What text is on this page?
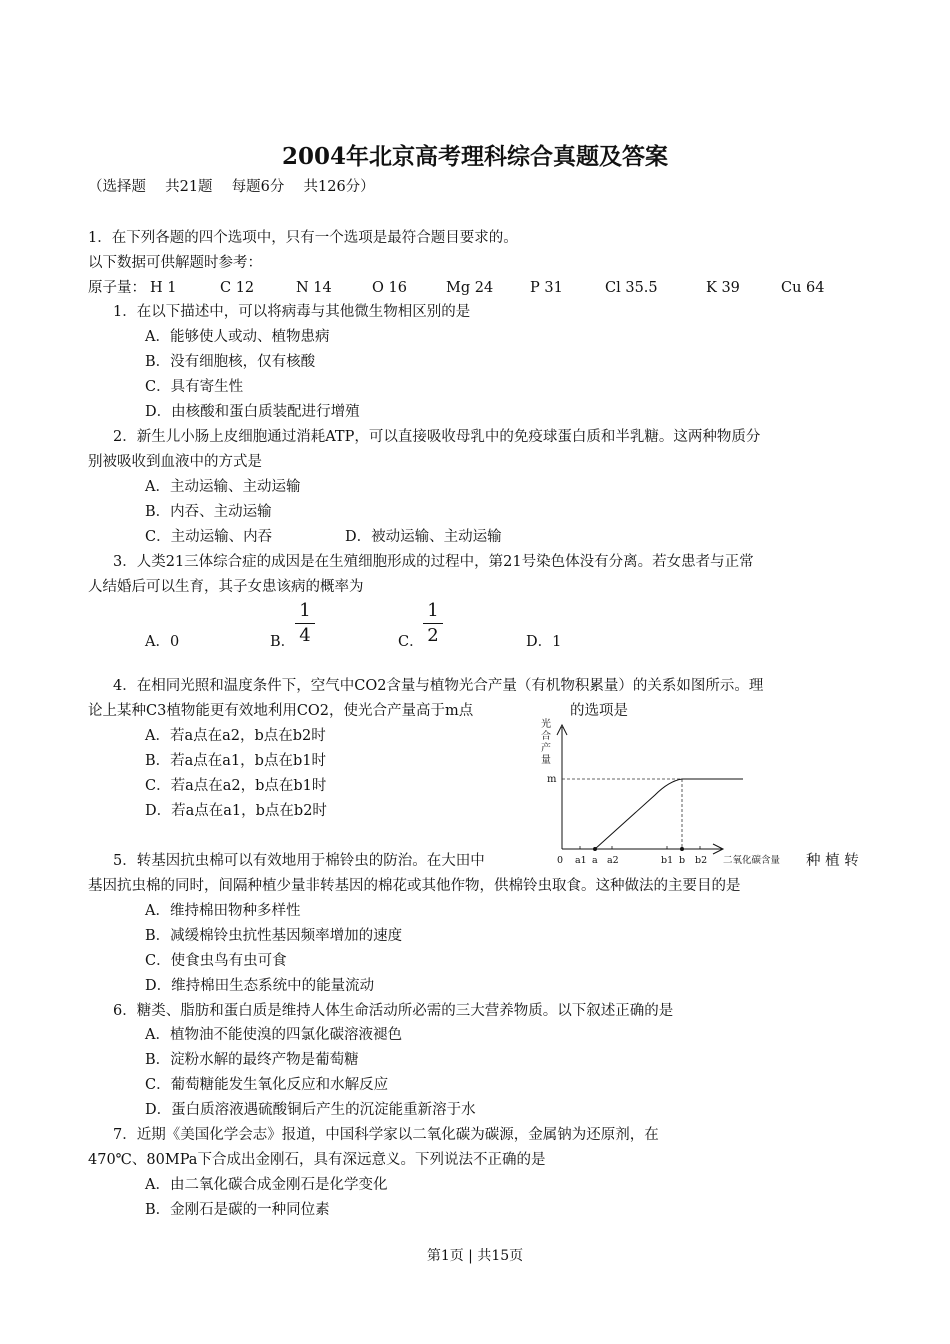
2004年北京高考理科综合真题及答案
（选择题　 共21题　 每题6分　 共126分）
1．在下列各题的四个选项中，只有一个选项是最符合题目要求的。
以下数据可供解题时参考：
原子量： H 1	C 12	N 14	O 16	Mg 24	P 31	Cl 35.5	K 39	Cu 64
1．在以下描述中，可以将病毒与其他微生物相区别的是
A．能够使人或动、植物患病
B．没有细胞核，仅有核酸
C．具有寄生性
D．由核酸和蛋白质装配进行增殖
2．新生儿小肠上皮细胞通过消耗ATP，可以直接吸收母乳中的免疫球蛋白质和半乳糖。这两种物质分
别被吸收到血液中的方式是
A．主动运输、主动运输
B．内吞、主动运输
C．主动运输、内吞	D．被动运输、主动运输
3．人类21三体综合症的成因是在生殖细胞形成的过程中，第21号染色体没有分离。若女患者与正常
人结婚后可以生育，其子女患该病的概率为
A．0	B．
1
4	C．
1
2	D．1
4．在相同光照和温度条件下，空气中CO2含量与植物光合产量（有机物积累量）的关系如图所示。理
论上某种C3植物能更有效地利用CO2，使光合产量高于m点	的选项是
A．若a点在a2，b点在b2时
B．若a点在a1，b点在b1时
C．若a点在a2，b点在b1时
D．若a点在a1，b点在b2时
光
合
产
量
m
0 a1 a a2	b1 b b2 二氧化碳含量
5．转基因抗虫棉可以有效地用于棉铃虫的防治。在大田中	种 植 转
基因抗虫棉的同时，间隔种植少量非转基因的棉花或其他作物，供棉铃虫取食。这种做法的主要目的是
A．维持棉田物种多样性
B．减缓棉铃虫抗性基因频率增加的速度
C．使食虫鸟有虫可食
D．维持棉田生态系统中的能量流动
6．糖类、脂肪和蛋白质是维持人体生命活动所必需的三大营养物质。以下叙述正确的是
A．植物油不能使溴的四氯化碳溶液褪色
B．淀粉水解的最终产物是葡萄糖
C．葡萄糖能发生氧化反应和水解反应
D．蛋白质溶液遇硫酸铜后产生的沉淀能重新溶于水
7．近期《美国化学会志》报道，中国科学家以二氧化碳为碳源，金属钠为还原剂，在
470℃、80MPa下合成出金刚石，具有深远意义。下列说法不正确的是
A．由二氧化碳合成金刚石是化学变化
B．金刚石是碳的一种同位素
第1页 | 共15页
